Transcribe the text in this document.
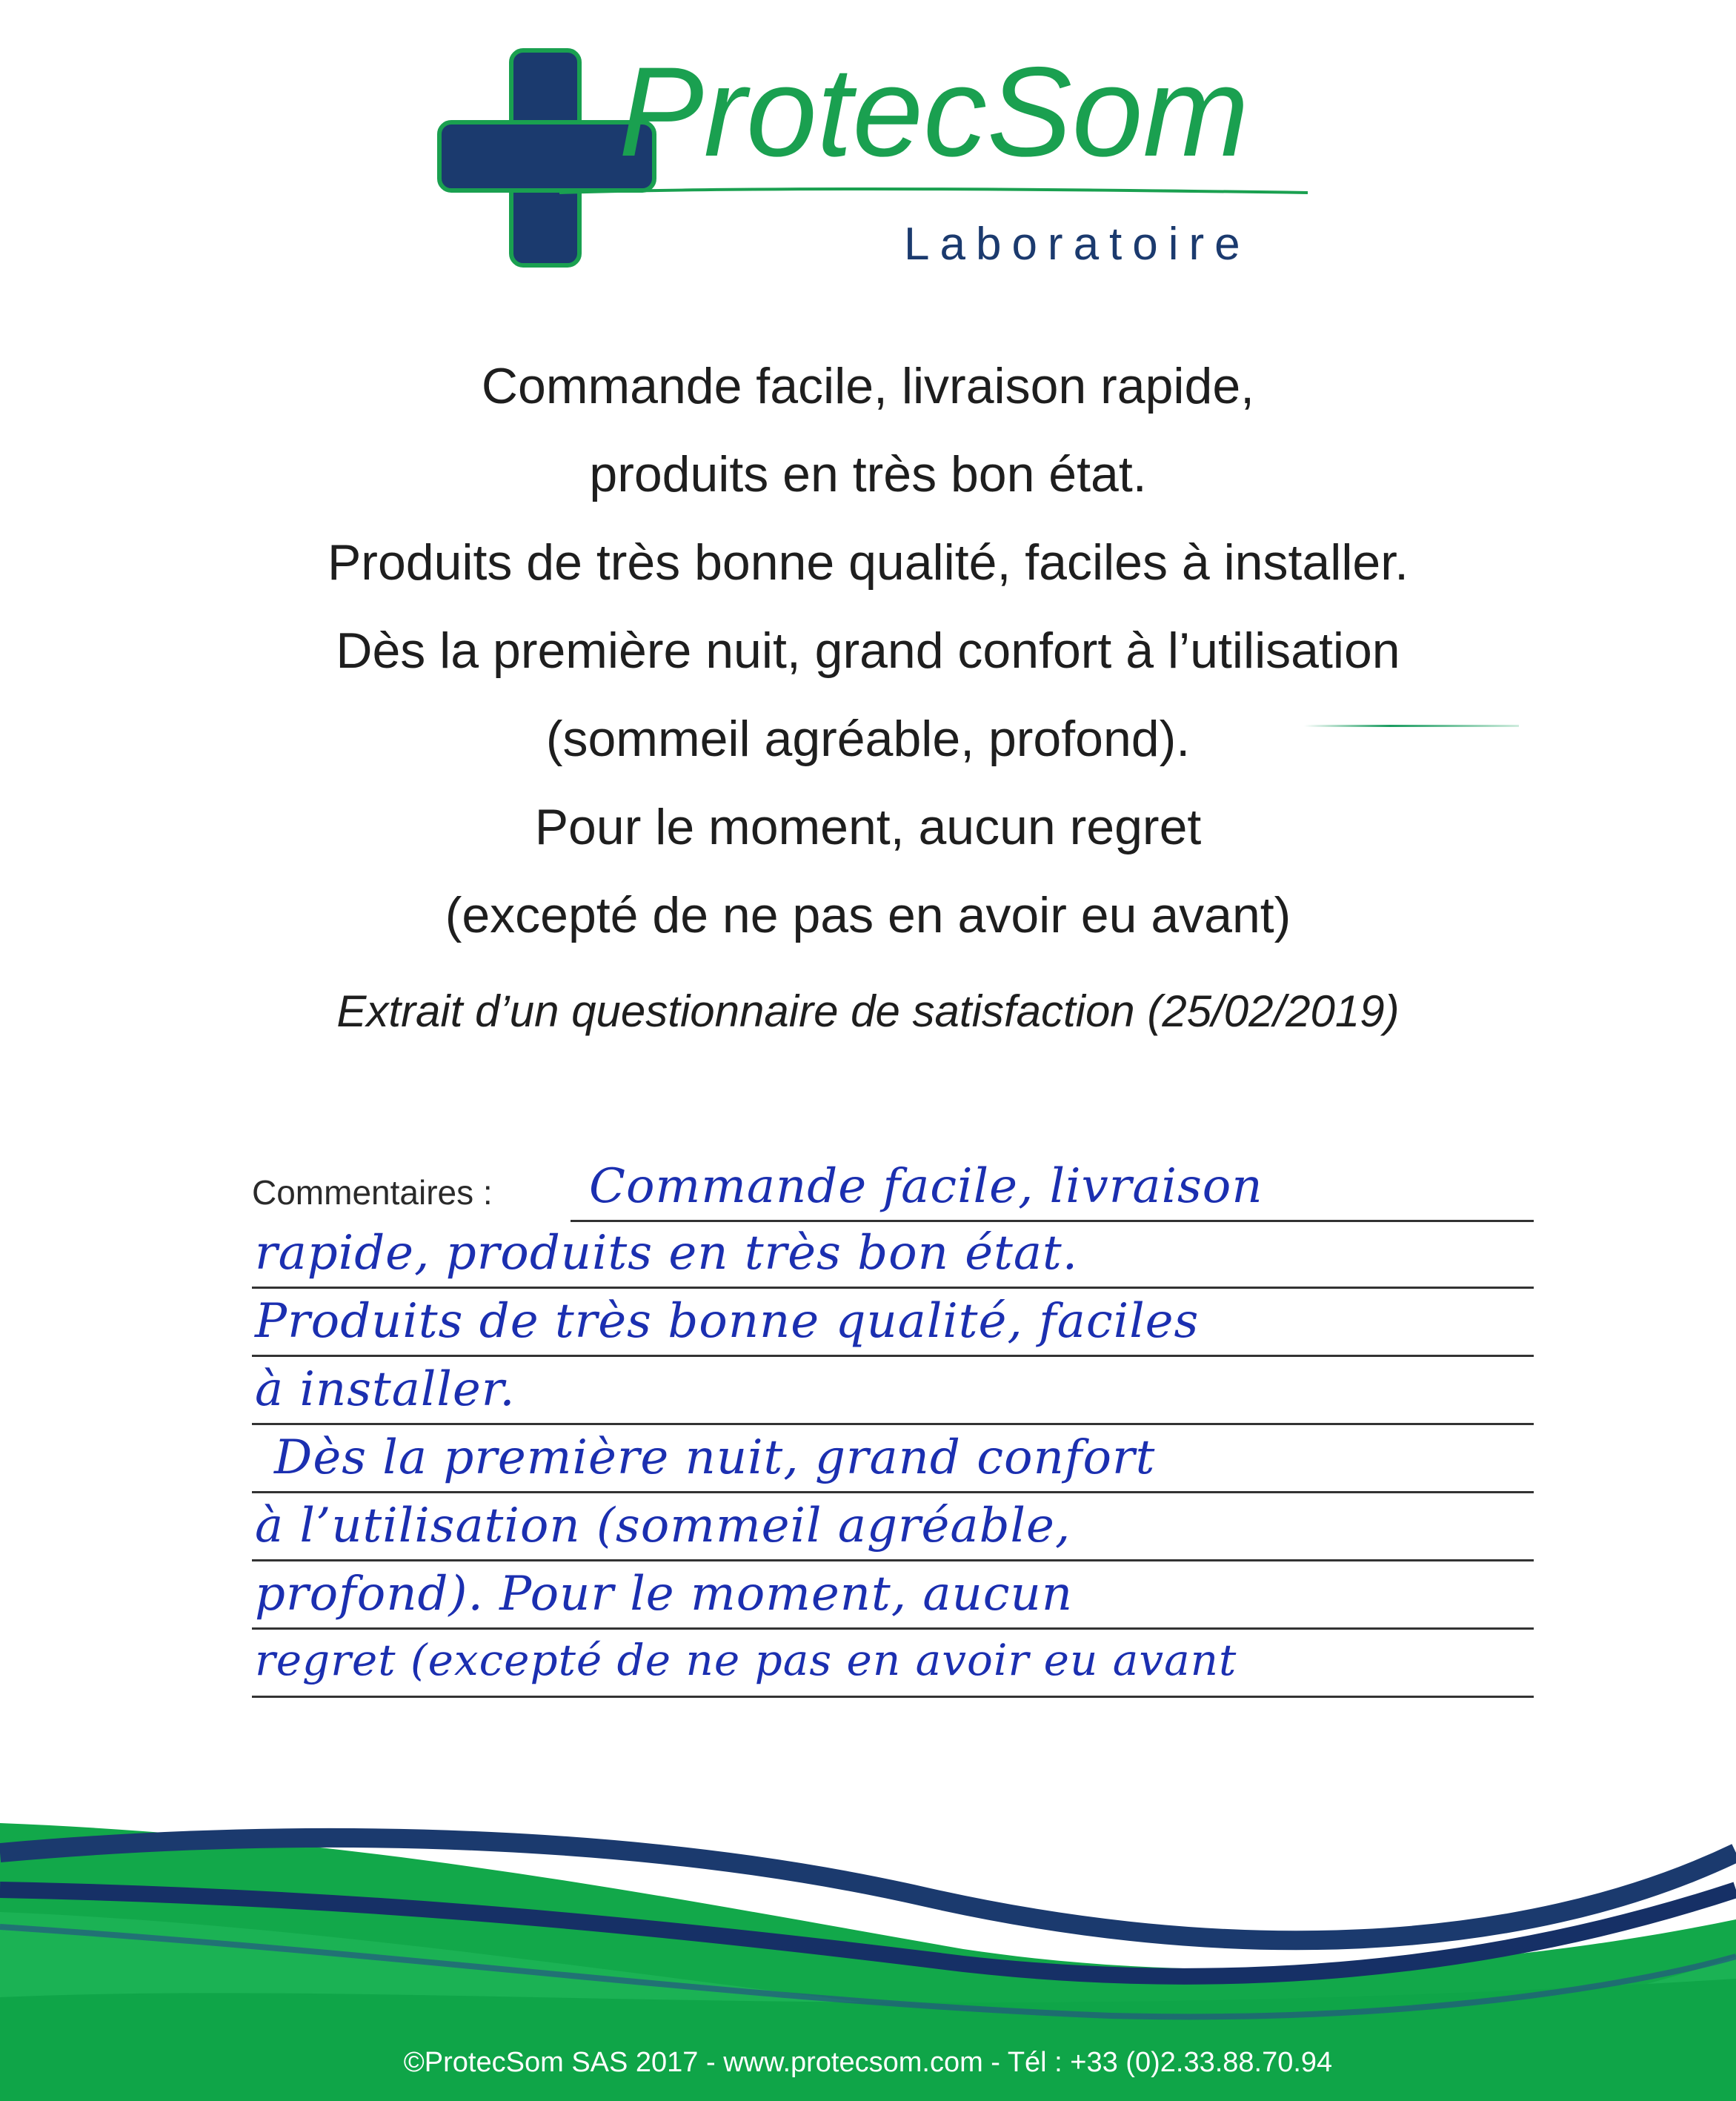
ProtecSom
Laboratoire
Commande facile, livraison rapide,
produits en très bon état.
Produits de très bonne qualité, faciles à installer.
Dès la première nuit, grand confort à l’utilisation
(sommeil agréable, profond).
Pour le moment, aucun regret
(excepté de ne pas en avoir eu avant)
Extrait d’un questionnaire de satisfaction (25/02/2019)
Commentaires : Commande facile, livraison
rapide, produits en très bon état.
Produits de très bonne qualité, faciles
à installer.
Dès la première nuit, grand confort
à l’utilisation (sommeil agréable,
profond). Pour le moment, aucun
regret (excepté de ne pas en avoir eu avant
©ProtecSom SAS 2017 - www.protecsom.com - Tél : +33 (0)2.33.88.70.94
